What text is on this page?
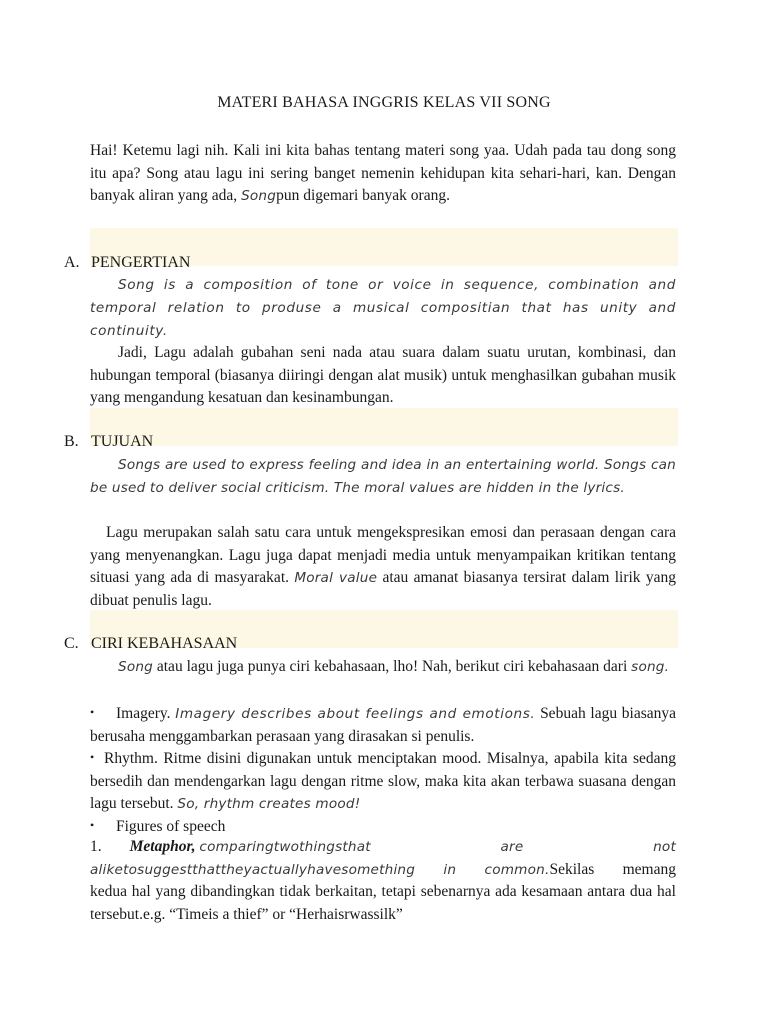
MATERI BAHASA INGGRIS KELAS VII SONG

Hai! Ketemu lagi nih. Kali ini kita bahas tentang materi song yaa. Udah pada tau dong song itu apa? Song atau lagu ini sering banget nemenin kehidupan kita sehari-hari, kan. Dengan banyak aliran yang ada, Songpun digemari banyak orang.

A. PENGERTIAN

Song is a composition of tone or voice in sequence, combination and temporal relation to produse a musical compositian that has unity and continuity.

Jadi, Lagu adalah gubahan seni nada atau suara dalam suatu urutan, kombinasi, dan hubungan temporal (biasanya diiringi dengan alat musik) untuk menghasilkan gubahan musik yang mengandung kesatuan dan kesinambungan.

B. TUJUAN

Songs are used to express feeling and idea in an entertaining world. Songs can be used to deliver social criticism. The moral values are hidden in the lyrics.

Lagu merupakan salah satu cara untuk mengekspresikan emosi dan perasaan dengan cara yang menyenangkan. Lagu juga dapat menjadi media untuk menyampaikan kritikan tentang situasi yang ada di masyarakat. Moral value atau amanat biasanya tersirat dalam lirik yang dibuat penulis lagu.

C. CIRI KEBAHASAAN

Song atau lagu juga punya ciri kebahasaan, lho! Nah, berikut ciri kebahasaan dari song.

• Imagery. Imagery describes about feelings and emotions. Sebuah lagu biasanya berusaha menggambarkan perasaan yang dirasakan si penulis.

• Rhythm. Ritme disini digunakan untuk menciptakan mood. Misalnya, apabila kita sedang bersedih dan mendengarkan lagu dengan ritme slow, maka kita akan terbawa suasana dengan lagu tersebut. So, rhythm creates mood!

• Figures of speech
1. Metaphor, comparingtwothingsthat	are	not
aliketosuggestthattheyactuallyhavesomething in common.Sekilas memang

kedua hal yang dibandingkan tidak berkaitan, tetapi sebenarnya ada kesamaan antara dua hal tersebut.e.g. “Timeis a thief” or “Herhaisrwassilk”
